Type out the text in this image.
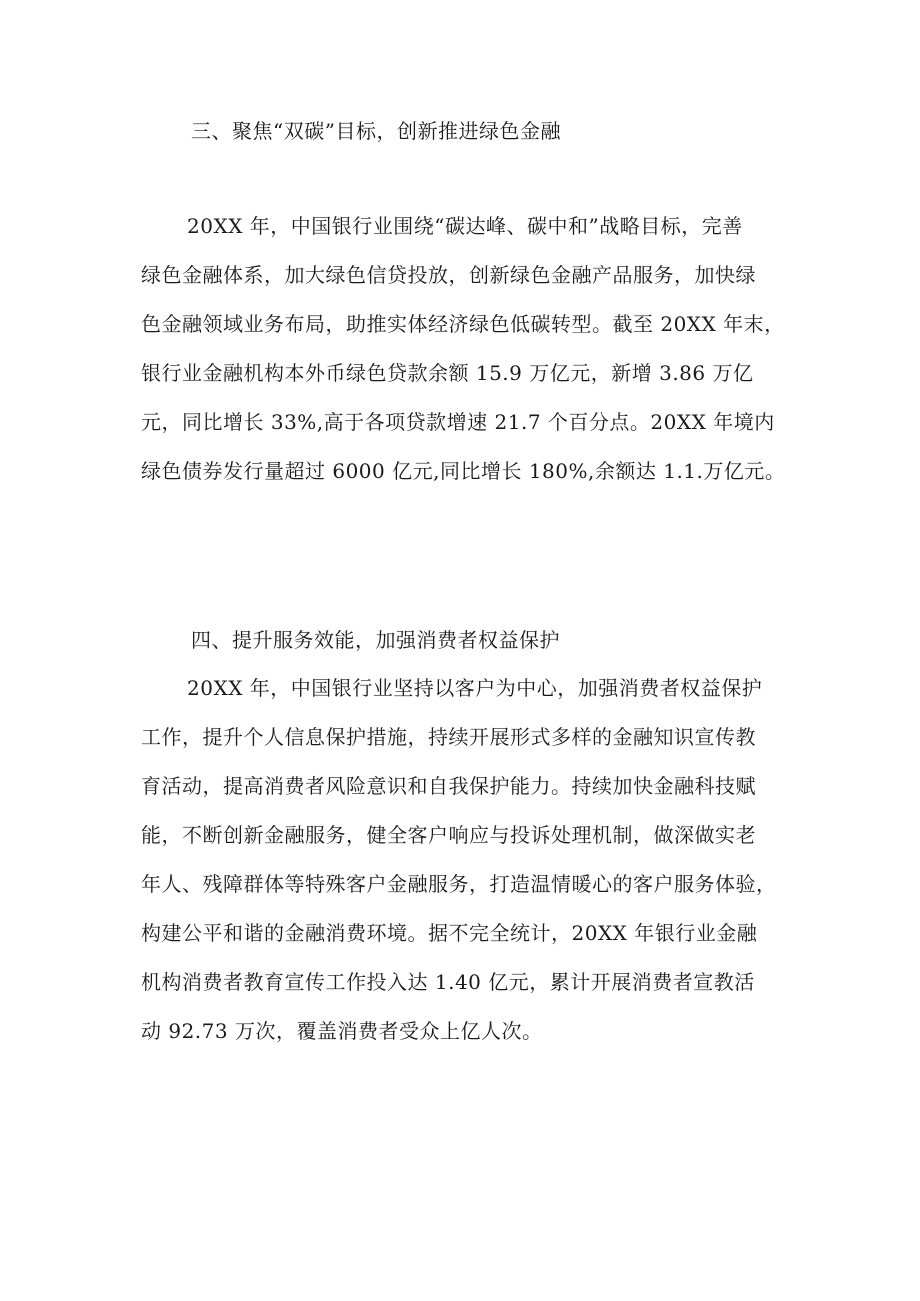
三、聚焦“双碳”目标，创新推进绿色金融
20XX 年，中国银行业围绕“碳达峰、碳中和”战略目标，完善
绿色金融体系，加大绿色信贷投放，创新绿色金融产品服务，加快绿
色金融领域业务布局，助推实体经济绿色低碳转型。截至 20XX 年末，
银行业金融机构本外币绿色贷款余额 15.9 万亿元，新增 3.86 万亿
元，同比增长 33%,高于各项贷款增速 21.7 个百分点。20XX 年境内
绿色债券发行量超过 6000 亿元,同比增长 180%,余额达 1.1.万亿元。
四、提升服务效能，加强消费者权益保护
20XX 年，中国银行业坚持以客户为中心，加强消费者权益保护
工作，提升个人信息保护措施，持续开展形式多样的金融知识宣传教
育活动，提高消费者风险意识和自我保护能力。持续加快金融科技赋
能，不断创新金融服务，健全客户响应与投诉处理机制，做深做实老
年人、残障群体等特殊客户金融服务，打造温情暖心的客户服务体验，
构建公平和谐的金融消费环境。据不完全统计，20XX 年银行业金融
机构消费者教育宣传工作投入达 1.40 亿元，累计开展消费者宣教活
动 92.73 万次，覆盖消费者受众上亿人次。
